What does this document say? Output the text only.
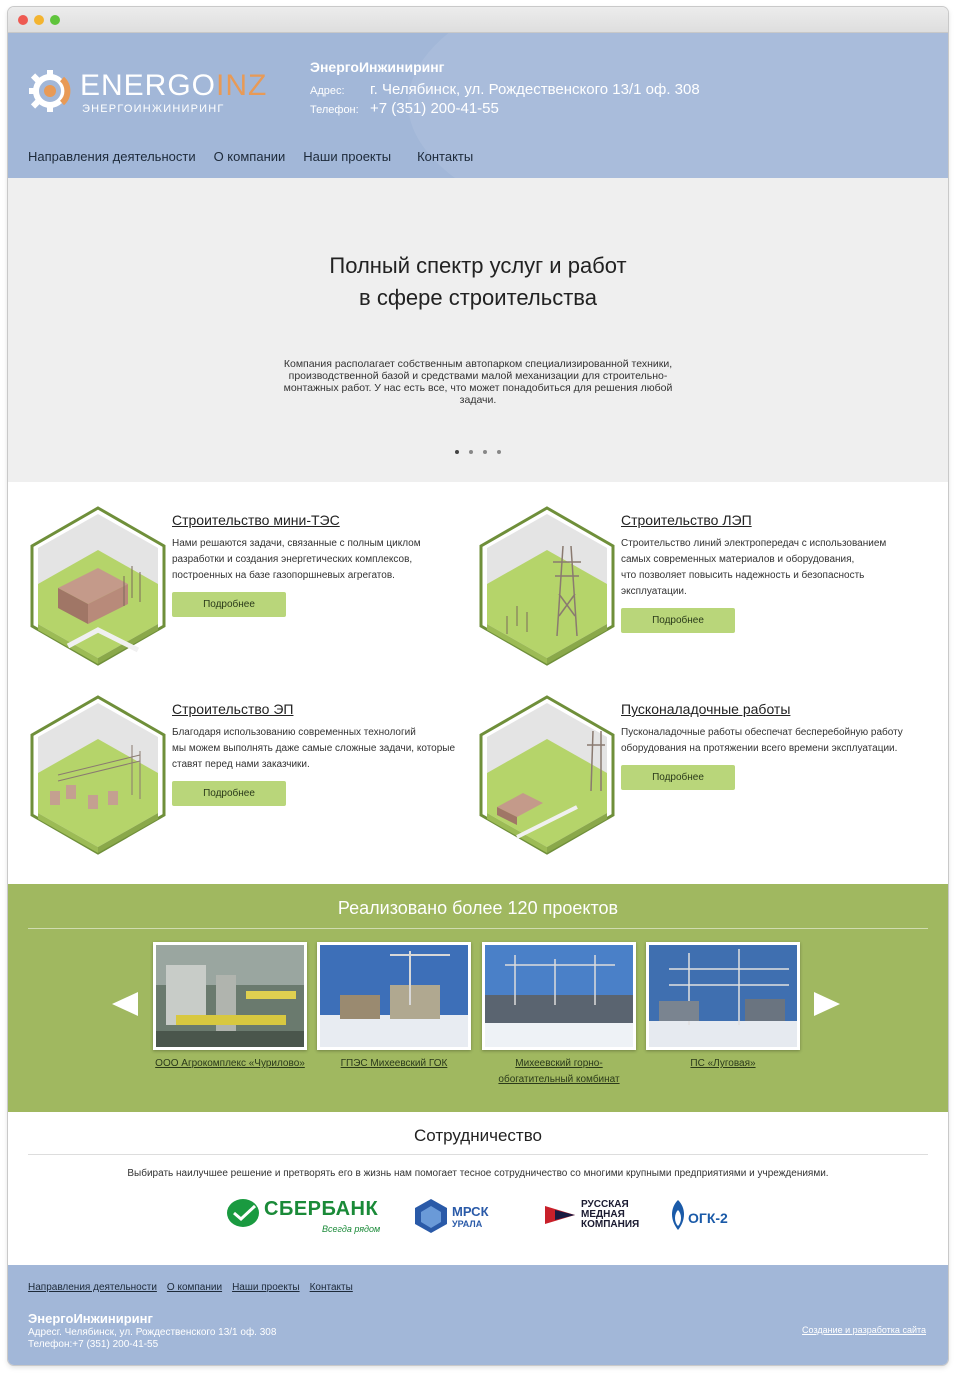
ENERGOINZ
ЭНЕРГОИНЖИНИРИНГ
ЭнергоИнжиниринг
Адрес:	г. Челябинск, ул. Рождественского 13/1 оф. 308
Телефон: +7 (351) 200-41-55
Направления деятельности О компании Наши проекты Контакты
Полный спектр услуг и работ
в сфере строительства

Компания располагает собственным автопарком специализированной техники, производственной базой и средствами малой механизации для строительно-монтажных работ. У нас есть все, что может понадобиться для решения любой задачи.

Строительство мини-ТЭС
Нами решаются задачи, связанные с полным циклом
разработки и создания энергетических комплексов,
построенных на базе газопоршневых агрегатов.
Подробнее
Строительство ЛЭП
Строительство линий электропередач с использованием
самых современных материалов и оборудования,
что позволяет повысить надежность и безопасность
эксплуатации.
Подробнее
Строительство ЭП
Благодаря использованию современных технологий
мы можем выполнять даже самые сложные задачи, которые
ставят перед нами заказчики.
Подробнее
Пусконаладочные работы
Пусконаладочные работы обеспечат бесперебойную работу
оборудования на протяжении всего времени эксплуатации.
Подробнее
Реализовано более 120 проектов
ООО Агрокомплекс «Чурилово»	ГПЭС Михеевский ГОК	Михеевский горно-
обогатительный комбинат
ПС «Луговая»

Сотрудничество

Выбирать наилучшее решение и претворять его в жизнь нам помогает тесное сотрудничество со многими крупными предприятиями и учреждениями.

СБЕРБАНК
Всегда рядом
МРСК
УРАЛА
РУССКАЯ
МЕДНАЯ
КОМПАНИЯ	ОГК-2
Направления деятельности О компании Наши проекты Контакты
ЭнергоИнжиниринг
Адресг. Челябинск, ул. Рождественского 13/1 оф. 308
Телефон:+7 (351) 200-41-55
Создание и разработка сайта
